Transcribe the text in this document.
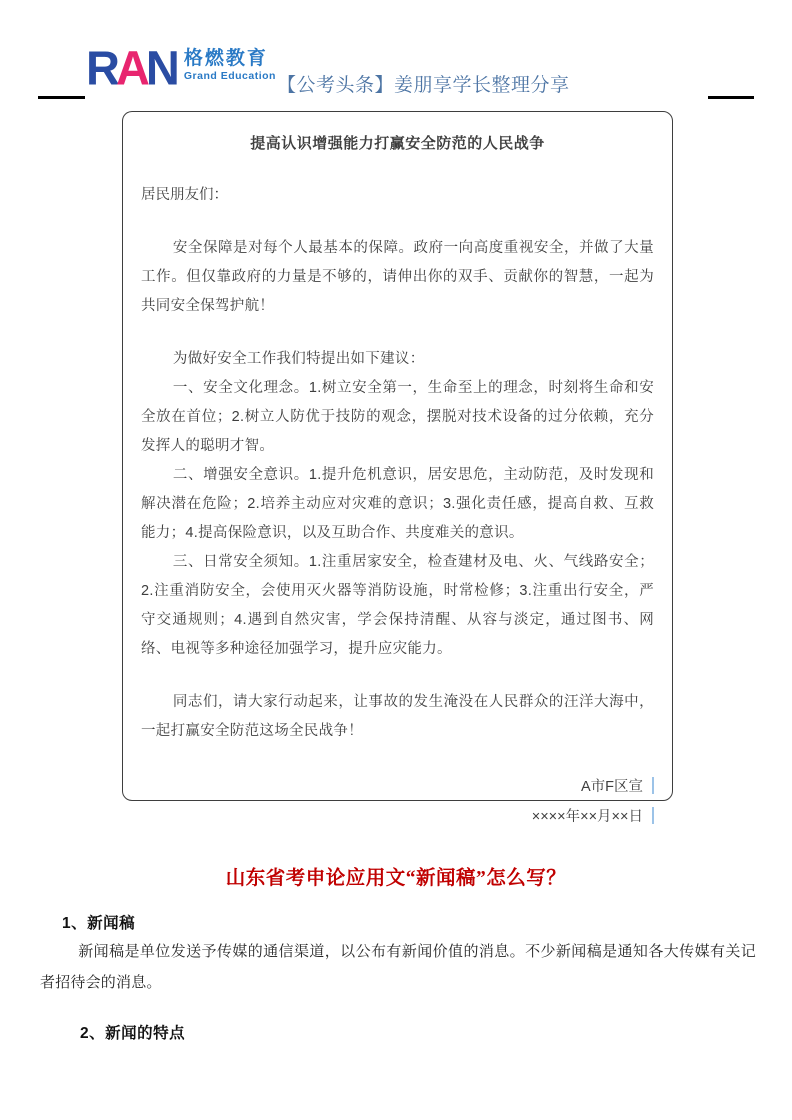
RAN 格燃教育
Grand Education 【公考头条】姜朋享学长整理分享
提高认识增强能力打赢安全防范的人民战争

居民朋友们：

安全保障是对每个人最基本的保障。政府一向高度重视安全，并做了大量工作。但仅靠政府的力量是不够的，请伸出你的双手、贡献你的智慧，一起为共同安全保驾护航！

为做好安全工作我们特提出如下建议：

一、安全文化理念。1.树立安全第一，生命至上的理念，时刻将生命和安全放在首位；2.树立人防优于技防的观念，摆脱对技术设备的过分依赖，充分发挥人的聪明才智。

二、增强安全意识。1.提升危机意识，居安思危，主动防范，及时发现和解决潜在危险；2.培养主动应对灾难的意识；3.强化责任感，提高自救、互救能力；4.提高保险意识，以及互助合作、共度难关的意识。

三、日常安全须知。1.注重居家安全，检查建材及电、火、气线路安全；2.注重消防安全，会使用灭火器等消防设施，时常检修；3.注重出行安全，严守交通规则；4.遇到自然灾害，学会保持清醒、从容与淡定，通过图书、网络、电视等多种途径加强学习，提升应灾能力。

同志们，请大家行动起来，让事故的发生淹没在人民群众的汪洋大海中，一起打赢安全防范这场全民战争！

A市F区宣
××××年××月××日
山东省考申论应用文“新闻稿”怎么写？
1、新闻稿

新闻稿是单位发送予传媒的通信渠道，以公布有新闻价值的消息。不少新闻稿是通知各大传媒有关记者招待会的消息。

2、新闻的特点
